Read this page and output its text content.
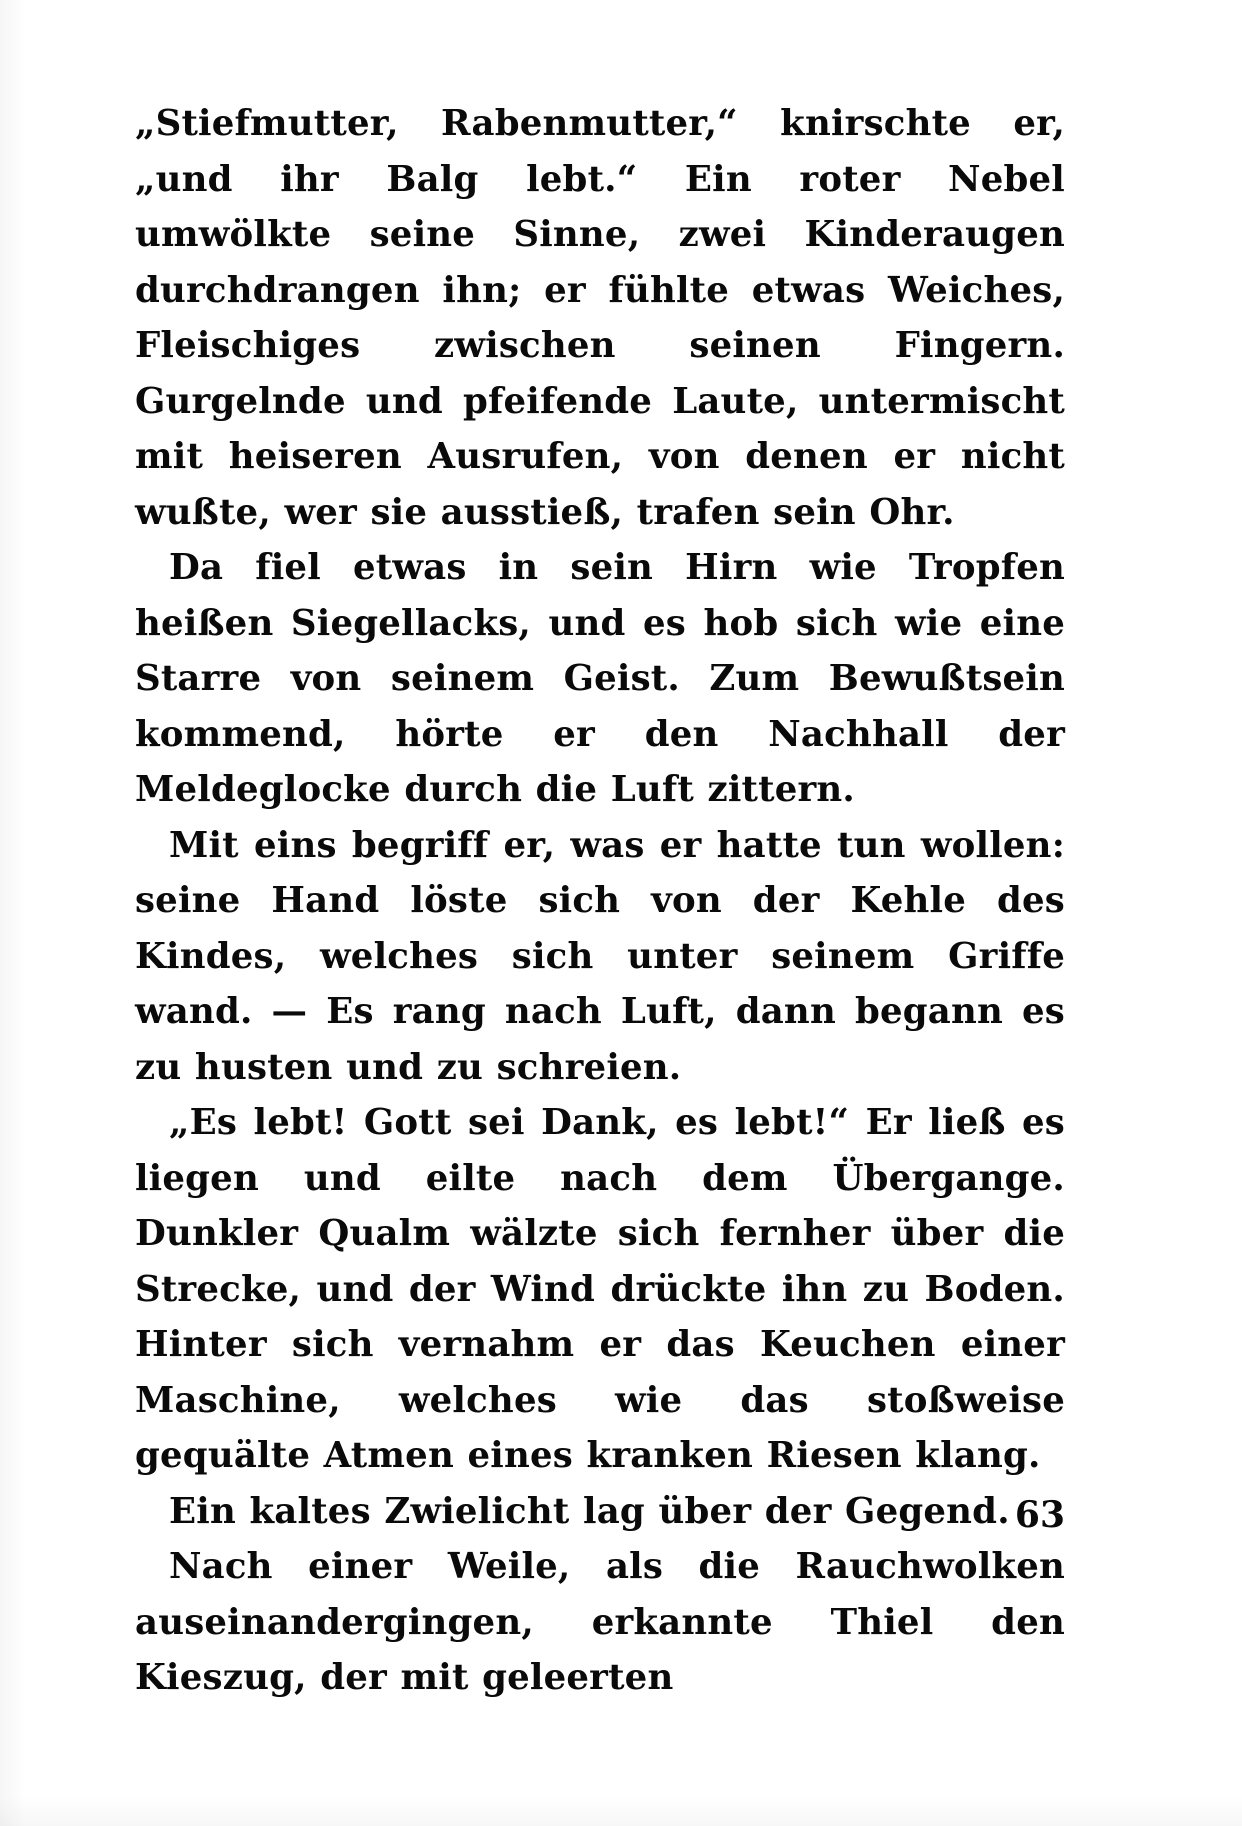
„Stiefmutter, Rabenmutter,“ knirschte er, „und ihr Balg lebt.“ Ein roter Nebel umwölkte seine Sinne, zwei Kinderaugen durchdrangen ihn; er fühlte etwas Weiches, Fleischiges zwischen seinen Fingern. Gurgelnde und pfeifende Laute, untermischt mit heiseren Ausrufen, von denen er nicht wußte, wer sie ausstieß, trafen sein Ohr.

Da fiel etwas in sein Hirn wie Tropfen heißen Siegellacks, und es hob sich wie eine Starre von seinem Geist. Zum Bewußtsein kommend, hörte er den Nachhall der Meldeglocke durch die Luft zittern.

Mit eins begriff er, was er hatte tun wollen: seine Hand löste sich von der Kehle des Kindes, welches sich unter seinem Griffe wand. — Es rang nach Luft, dann begann es zu husten und zu schreien.

„Es lebt! Gott sei Dank, es lebt!“ Er ließ es liegen und eilte nach dem Übergange. Dunkler Qualm wälzte sich fernher über die Strecke, und der Wind drückte ihn zu Boden. Hinter sich vernahm er das Keuchen einer Maschine, welches wie das stoßweise gequälte Atmen eines kranken Riesen klang.

Ein kaltes Zwielicht lag über der Gegend.

Nach einer Weile, als die Rauchwolken auseinandergingen, erkannte Thiel den Kieszug, der mit geleerten

63
